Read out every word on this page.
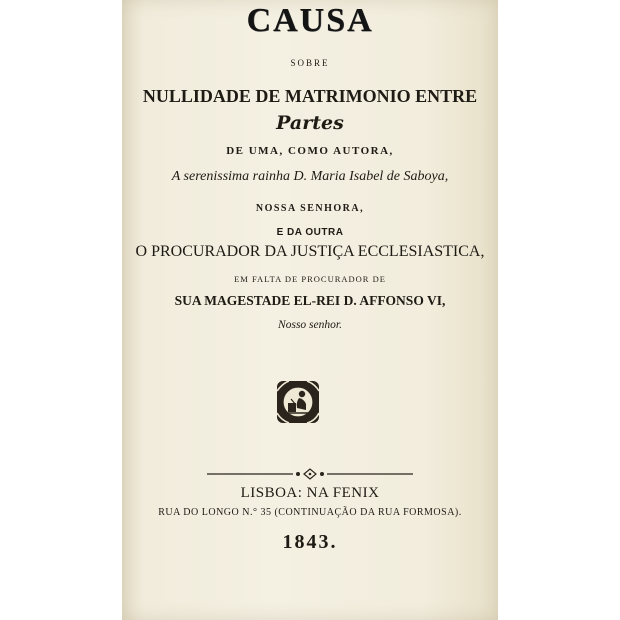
CAUSA
SOBRE
NULLIDADE DE MATRIMONIO ENTRE
Partes
DE UMA, COMO AUTORA,
A serenissima rainha D. Maria Isabel de Saboya,
NOSSA SENHORA,
E DA OUTRA
O PROCURADOR DA JUSTIÇA ECCLESIASTICA,
EM FALTA DE PROCURADOR DE
SUA MAGESTADE EL-REI D. AFFONSO VI,
Nosso senhor.
LISBOA: NA FENIX
RUA DO LONGO N.° 35 (CONTINUAÇÃO DA RUA FORMOSA).
1843.
